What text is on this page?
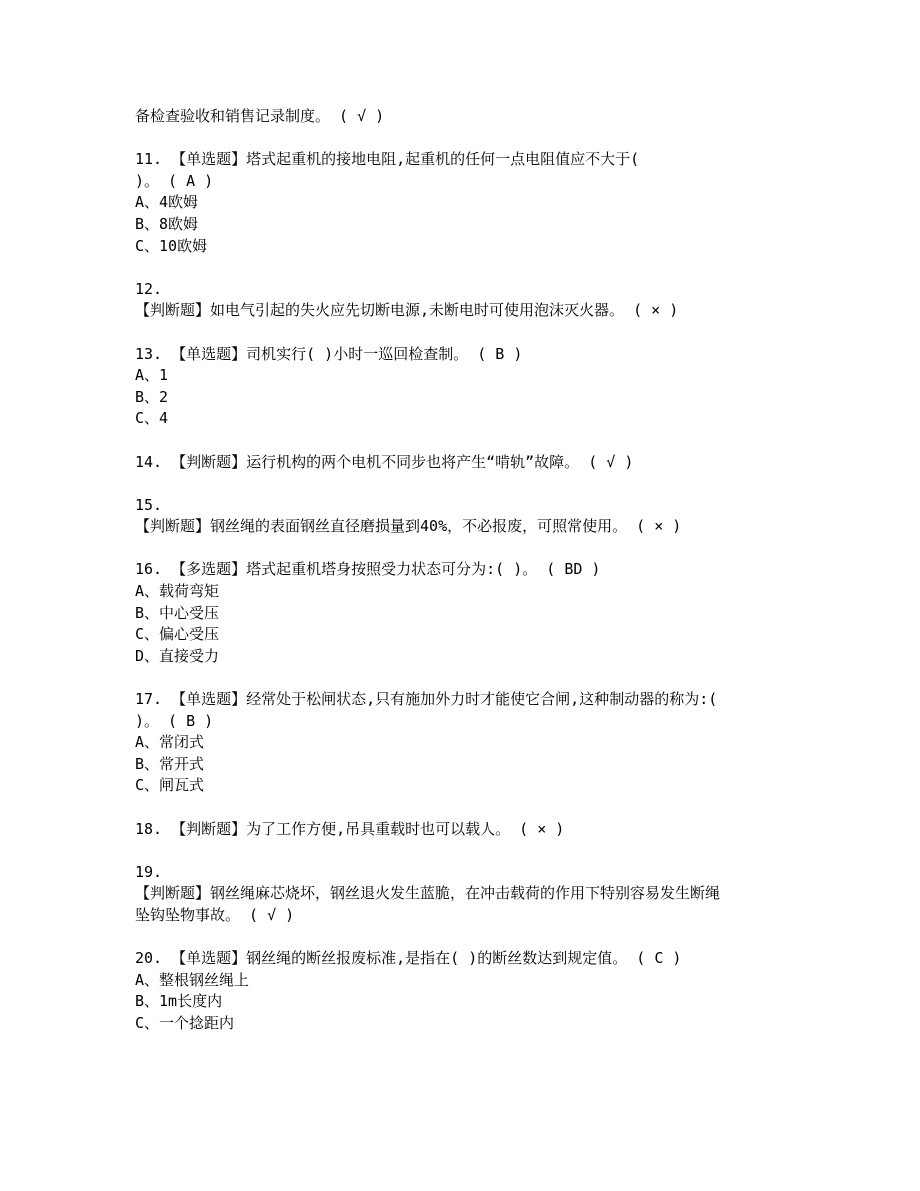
备检查验收和销售记录制度。 ( √ )
11. 【单选题】塔式起重机的接地电阻,起重机的任何一点电阻值应不大于(
)。 ( A )
A、4欧姆
B、8欧姆
C、10欧姆
12.
【判断题】如电气引起的失火应先切断电源,未断电时可使用泡沫灭火器。 ( × )
13. 【单选题】司机实行( )小时一巡回检查制。 ( B )
A、1
B、2
C、4
14. 【判断题】运行机构的两个电机不同步也将产生“啃轨”故障。 ( √ )
15.
【判断题】钢丝绳的表面钢丝直径磨损量到40%，不必报废，可照常使用。 ( × )
16. 【多选题】塔式起重机塔身按照受力状态可分为:( )。 ( BD )
A、载荷弯矩
B、中心受压
C、偏心受压
D、直接受力
17. 【单选题】经常处于松闸状态,只有施加外力时才能使它合闸,这种制动器的称为:(
)。 ( B )
A、常闭式
B、常开式
C、闸瓦式
18. 【判断题】为了工作方便,吊具重载时也可以载人。 ( × )
19.
【判断题】钢丝绳麻芯烧坏，钢丝退火发生蓝脆，在冲击载荷的作用下特别容易发生断绳
坠钩坠物事故。 ( √ )
20. 【单选题】钢丝绳的断丝报废标准,是指在( )的断丝数达到规定值。 ( C )
A、整根钢丝绳上
B、1m长度内
C、一个捻距内
